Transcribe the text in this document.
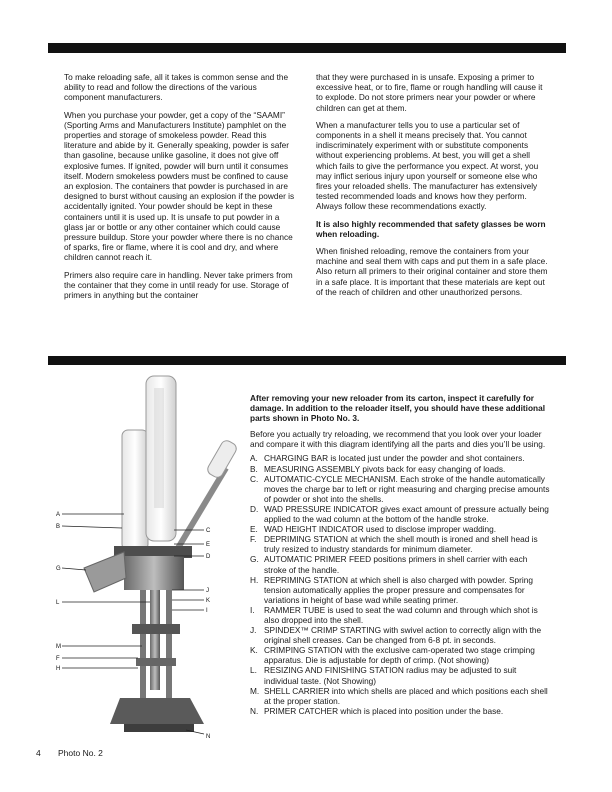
To make reloading safe, all it takes is common sense and the ability to read and follow the directions of the various component manufacturers.

When you purchase your powder, get a copy of the “SAAMI” (Sporting Arms and Manufacturers Institute) pamphlet on the properties and storage of smokeless powder. Read this literature and abide by it. Generally speaking, powder is safer than gasoline, because unlike gasoline, it does not give off explosive fumes. If ignited, powder will burn until it consumes itself. Modern smokeless powders must be confined to cause an explosion. The containers that powder is purchased in are designed to burst without causing an explosion if the powder is accidentally ignited. Your powder should be kept in these containers until it is used up. It is unsafe to put powder in a glass jar or bottle or any other container which could cause pressure buildup. Store your powder where there is no chance of sparks, fire or flame, where it is cool and dry, and where children cannot reach it.

Primers also require care in handling. Never take primers from the container that they come in until ready for use. Storage of primers in anything but the container

that they were purchased in is unsafe. Exposing a primer to excessive heat, or to fire, flame or rough handling will cause it to explode. Do not store primers near your powder or where children can get at them.

When a manufacturer tells you to use a particular set of components in a shell it means precisely that. You cannot indiscriminately experiment with or substitute components without experiencing problems. At best, you will get a shell which fails to give the performance you expect. At worst, you may inflict serious injury upon yourself or someone else who fires your reloaded shells. The manufacturer has extensively tested recommended loads and knows how they perform. Always follow these recommendations exactly.

It is also highly recommended that safety glasses be worn when reloading.

When finished reloading, remove the containers from your machine and seal them with caps and put them in a safe place. Also return all primers to their original container and store them in a safe place. It is important that these materials are kept out of the reach of children and other unauthorized persons.

A
B
G
L
M
F
H
C
E
D
J
K
I
N

After removing your new reloader from its carton, inspect it carefully for damage. In addition to the reloader itself, you should have these additional parts shown in Photo No. 3.

Before you actually try reloading, we recommend that you look over your loader and compare it with this diagram identifying all the parts and dies you’ll be using.

A. CHARGING BAR is located just under the powder and shot containers.
B. MEASURING ASSEMBLY pivots back for easy changing of loads.
C. AUTOMATIC-CYCLE MECHANISM. Each stroke of the handle automatically moves the charge bar to left or right measuring and charging precise amounts of powder or shot into the shells.
D. WAD PRESSURE INDICATOR gives exact amount of pressure actually being applied to the wad column at the bottom of the handle stroke.
E. WAD HEIGHT INDICATOR used to disclose improper wadding.
F. DEPRIMING STATION at which the shell mouth is ironed and shell head is truly resized to industry standards for minimum diameter.
G. AUTOMATIC PRIMER FEED positions primers in shell carrier with each stroke of the handle.
H. REPRIMING STATION at which shell is also charged with powder. Spring tension automatically applies the proper pressure and compensates for variations in height of base wad while seating primer.
I.	RAMMER TUBE is used to seat the wad column and through which shot is also dropped into the shell.
J. SPINDEX™ CRIMP STARTING with swivel action to correctly align with the original shell creases. Can be changed from 6-8 pt. in seconds.
K. CRIMPING STATION with the exclusive cam-operated two stage crimping apparatus. Die is adjustable for depth of crimp. (Not showing)
L. RESIZING AND FINISHING STATION radius may be adjusted to suit individual taste. (Not Showing)
M. SHELL CARRIER into which shells are placed and which positions each shell at the proper station.
N. PRIMER CATCHER which is placed into position under the base.
4 Photo No. 2
